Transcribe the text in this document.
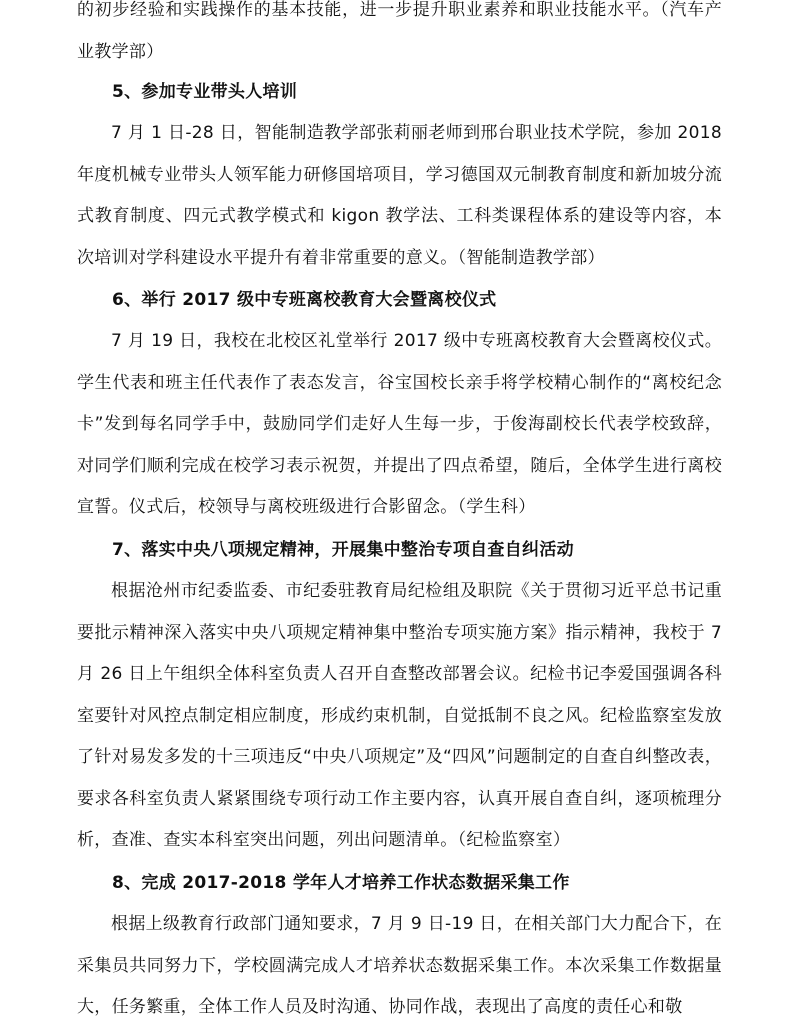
的初步经验和实践操作的基本技能，进一步提升职业素养和职业技能水平。（汽车产业教学部）

5、参加专业带头人培训

7 月 1 日-28 日，智能制造教学部张莉丽老师到邢台职业技术学院，参加 2018 年度机械专业带头人领军能力研修国培项目，学习德国双元制教育制度和新加坡分流式教育制度、四元式教学模式和 kigon 教学法、工科类课程体系的建设等内容，本次培训对学科建设水平提升有着非常重要的意义。（智能制造教学部）

6、举行 2017 级中专班离校教育大会暨离校仪式

7 月 19 日，我校在北校区礼堂举行 2017 级中专班离校教育大会暨离校仪式。学生代表和班主任代表作了表态发言，谷宝国校长亲手将学校精心制作的“离校纪念卡”发到每名同学手中，鼓励同学们走好人生每一步，于俊海副校长代表学校致辞，对同学们顺利完成在校学习表示祝贺，并提出了四点希望，随后，全体学生进行离校宣誓。仪式后，校领导与离校班级进行合影留念。（学生科）

7、落实中央八项规定精神，开展集中整治专项自查自纠活动

根据沧州市纪委监委、市纪委驻教育局纪检组及职院《关于贯彻习近平总书记重要批示精神深入落实中央八项规定精神集中整治专项实施方案》指示精神，我校于 7 月 26 日上午组织全体科室负责人召开自查整改部署会议。纪检书记李爱国强调各科室要针对风控点制定相应制度，形成约束机制，自觉抵制不良之风。纪检监察室发放了针对易发多发的十三项违反“中央八项规定”及“四风”问题制定的自查自纠整改表，要求各科室负责人紧紧围绕专项行动工作主要内容，认真开展自查自纠，逐项梳理分析，查准、查实本科室突出问题，列出问题清单。（纪检监察室）

8、完成 2017-2018 学年人才培养工作状态数据采集工作

根据上级教育行政部门通知要求，7 月 9 日-19 日，在相关部门大力配合下，在采集员共同努力下，学校圆满完成人才培养状态数据采集工作。本次采集工作数据量大，任务繁重，全体工作人员及时沟通、协同作战，表现出了高度的责任心和敬
